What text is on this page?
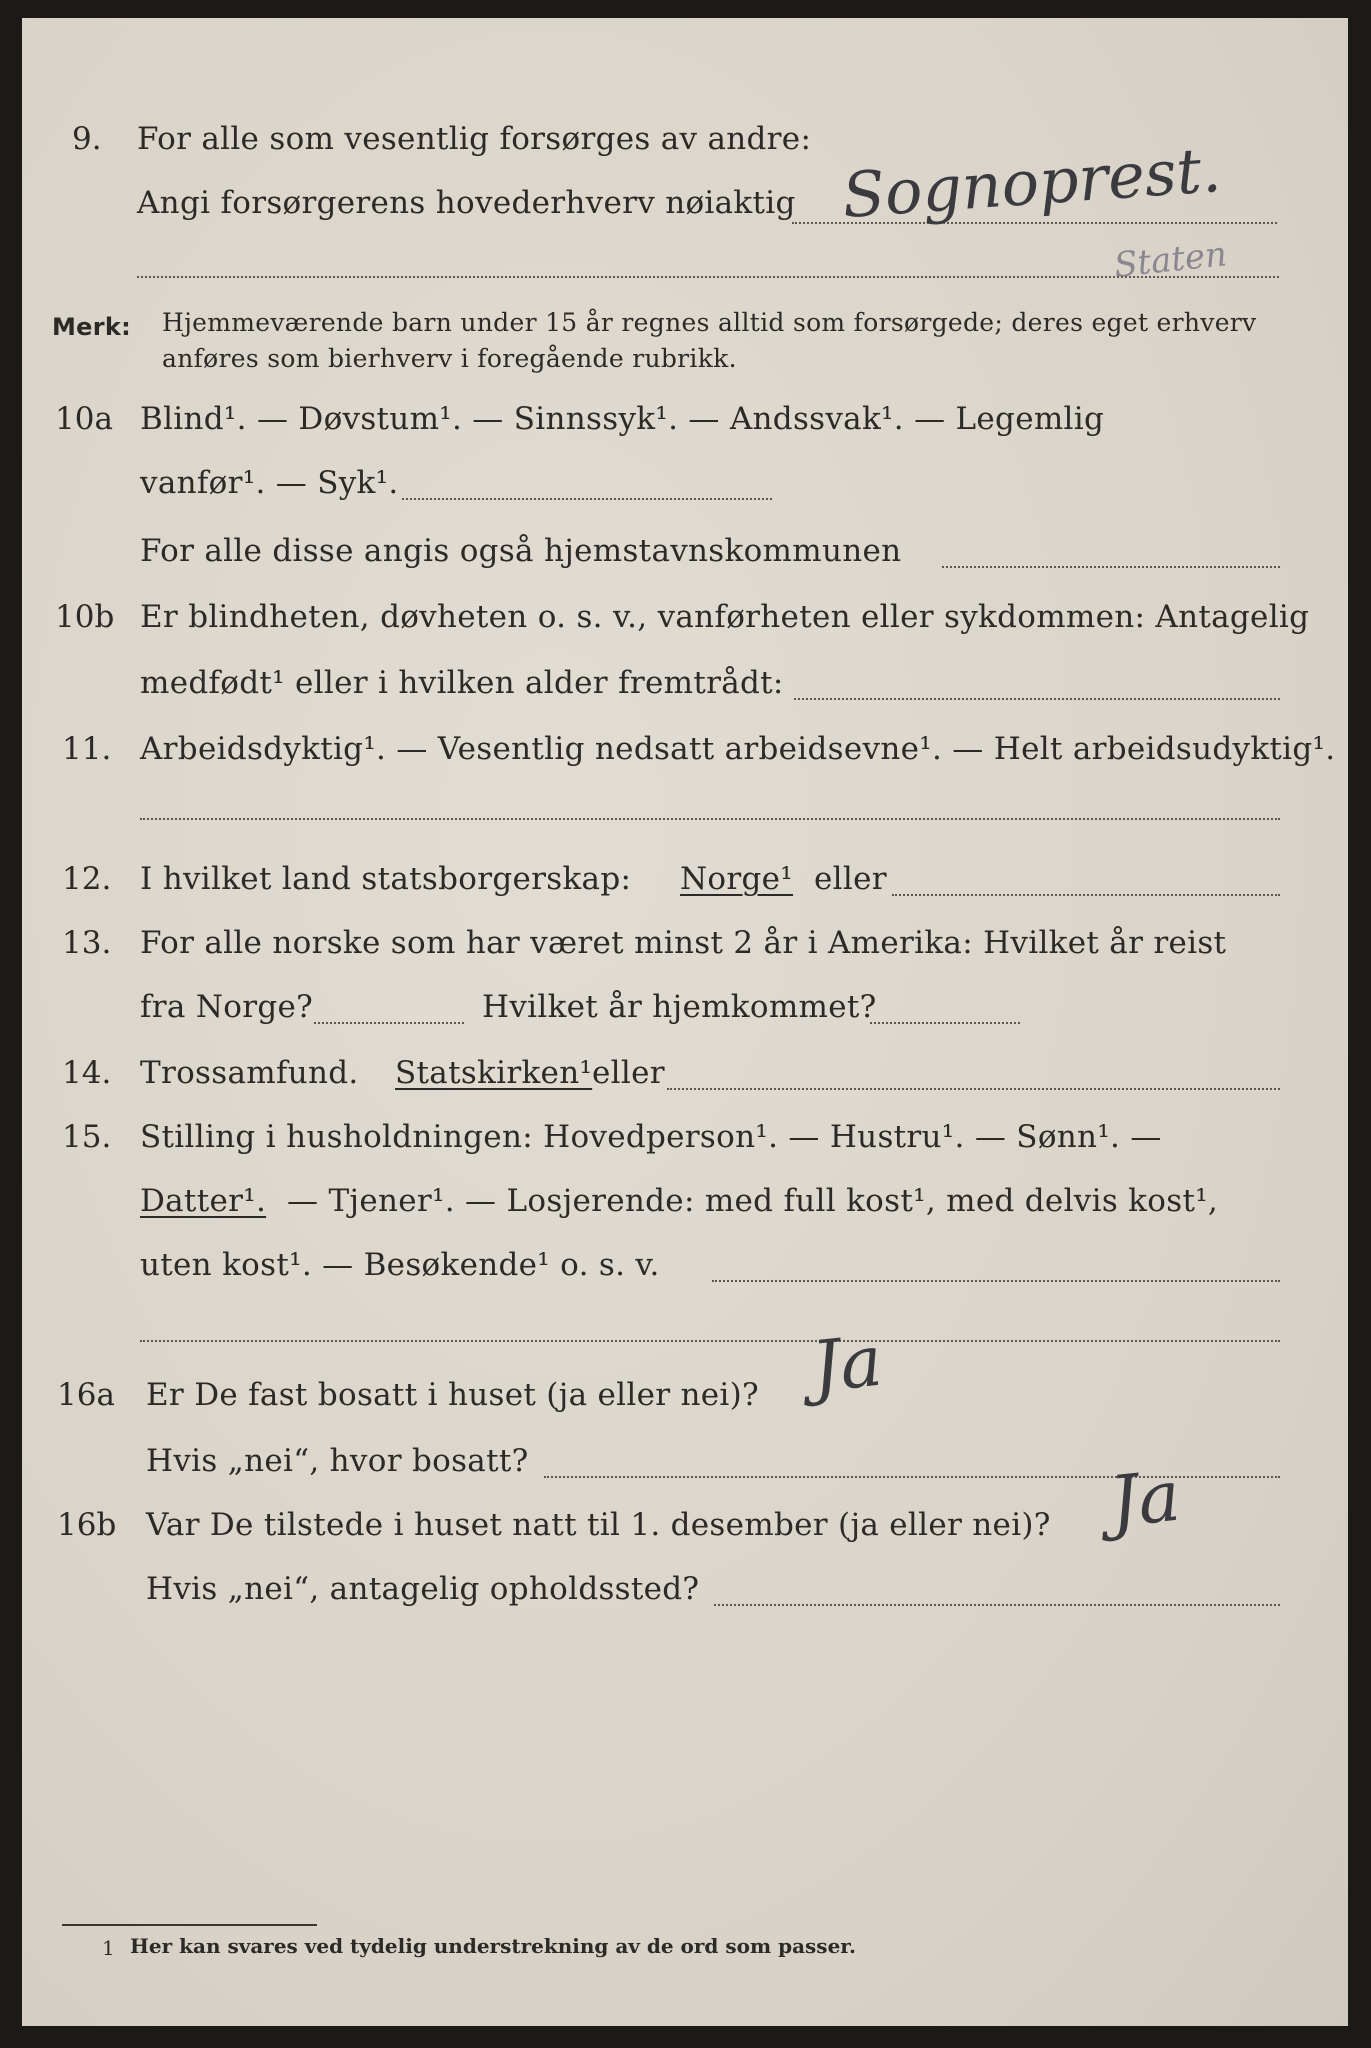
9. For alle som vesentlig forsørges av andre:
Angi forsørgerens hovederhverv nøiaktig Sognoprest.
Staten
Merk: Hjemmeværende barn under 15 år regnes alltid som forsørgede; deres eget erhverv
anføres som bierhverv i foregående rubrikk.
10a Blind¹. — Døvstum¹. — Sinnssyk¹. — Andssvak¹. — Legemlig
vanfør¹. — Syk¹.
For alle disse angis også hjemstavnskommunen
10b Er blindheten, døvheten o. s. v., vanførheten eller sykdommen: Antagelig
medfødt¹ eller i hvilken alder fremtrådt:
11. Arbeidsdyktig¹. — Vesentlig nedsatt arbeidsevne¹. — Helt arbeidsudyktig¹.
12. I hvilket land statsborgerskap: Norge¹ eller
13. For alle norske som har været minst 2 år i Amerika: Hvilket år reist
fra Norge?	Hvilket år hjemkommet?
14. Trossamfund. Statskirken¹ eller
15. Stilling i husholdningen: Hovedperson¹. — Hustru¹. — Sønn¹. —
Datter¹. — Tjener¹. — Losjerende: med full kost¹, med delvis kost¹,
uten kost¹. — Besøkende¹ o. s. v.
16a Er De fast bosatt i huset (ja eller nei)? Ja
Hvis „nei“, hvor bosatt?
16b Var De tilstede i huset natt til 1. desember (ja eller nei)? Ja
Hvis „nei“, antagelig opholdssted?
1 Her kan svares ved tydelig understrekning av de ord som passer.
